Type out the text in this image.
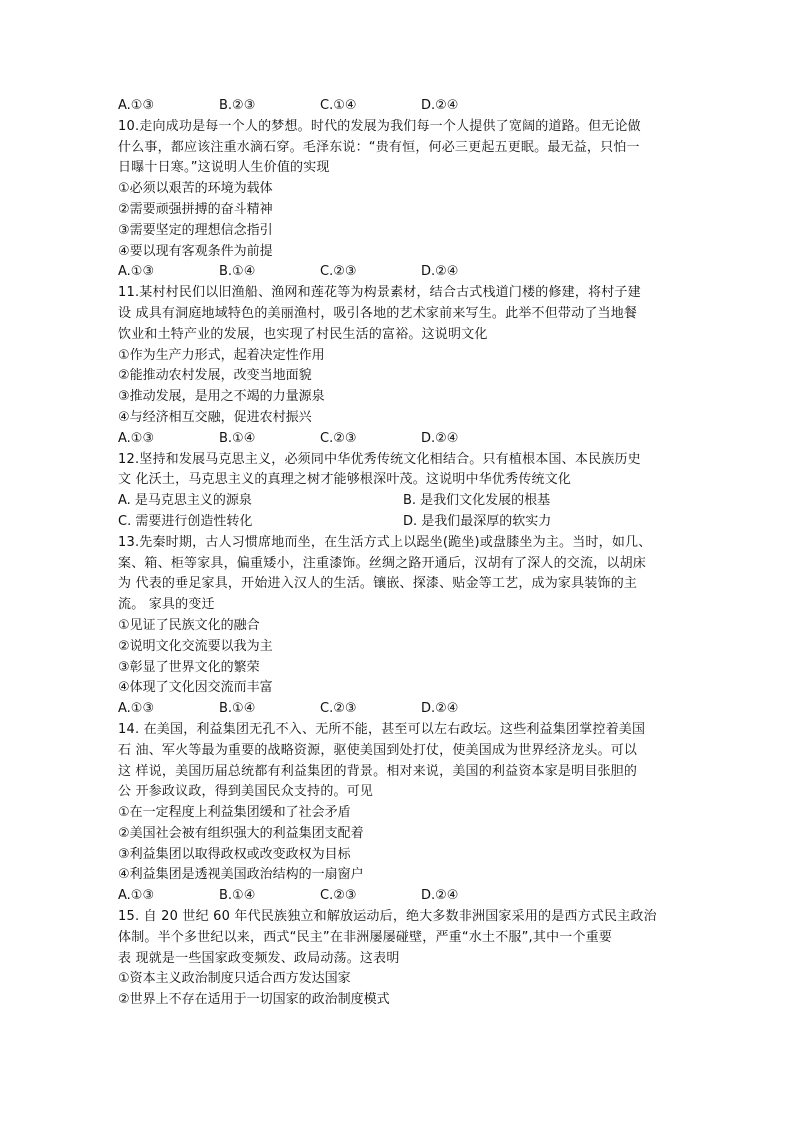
A.①③	B.②③	C.①④	D.②④
10.走向成功是每一个人的梦想。时代的发展为我们每一个人提供了宽阔的道路。但无论做
什么事，都应该注重水滴石穿。毛泽东说：“贵有恒，何必三更起五更眠。最无益，只怕一
日曝十日寒。”这说明人生价值的实现
①必须以艰苦的环境为载体
②需要顽强拼搏的奋斗精神
③需要坚定的理想信念指引
④要以现有客观条件为前提
A.①③	B.①④	C.②③	D.②④
11.某村村民们以旧渔船、渔网和莲花等为构景素材，结合古式栈道门楼的修建，将村子建
设 成具有洞庭地域特色的美丽渔村，吸引各地的艺术家前来写生。此举不但带动了当地餐
饮业和土特产业的发展，也实现了村民生活的富裕。这说明文化
①作为生产力形式，起着决定性作用
②能推动农村发展，改变当地面貌
③推动发展，是用之不竭的力量源泉
④与经济相互交融，促进农村振兴
A.①③	B.①④	C.②③	D.②④
12.坚持和发展马克思主义，必须同中华优秀传统文化相结合。只有植根本国、本民族历史
文 化沃土，马克思主义的真理之树才能够根深叶茂。这说明中华优秀传统文化
A. 是马克思主义的源泉	B. 是我们文化发展的根基
C. 需要进行创造性转化	D. 是我们最深厚的软实力
13.先秦时期，古人习惯席地而坐，在生活方式上以跽坐(跪坐)或盘膝坐为主。当时，如几、
案、箱、柜等家具，偏重矮小，注重漆饰。丝绸之路开通后，汉胡有了深人的交流，以胡床
为 代表的垂足家具，开始进入汉人的生活。镶嵌、探漆、贴金等工艺，成为家具装饰的主
流。 家具的变迁
①见证了民族文化的融合
②说明文化交流要以我为主
③彰显了世界文化的繁荣
④体现了文化因交流而丰富
A.①③	B.①④	C.②③	D.②④
14. 在美国，利益集团无孔不入、无所不能，甚至可以左右政坛。这些利益集团掌控着美国
石 油、军火等最为重要的战略资源，驱使美国到处打仗，使美国成为世界经济龙头。可以
这 样说，美国历届总统都有利益集团的背景。相对来说，美国的利益资本家是明目张胆的
公 开参政议政，得到美国民众支持的。可见
①在一定程度上利益集团缓和了社会矛盾
②美国社会被有组织强大的利益集团支配着
③利益集团以取得政权或改变政权为目标
④利益集团是透视美国政治结构的一扇窗户
A.①③	B.①④	C.②③	D.②④
15. 自 20 世纪 60 年代民族独立和解放运动后，绝大多数非洲国家采用的是西方式民主政治
体制。半个多世纪以来，西式“民主”在非洲屡屡碰壁，严重“水土不服”,其中一个重要
表 现就是一些国家政变频发、政局动荡。这表明
①资本主义政治制度只适合西方发达国家
②世界上不存在适用于一切国家的政治制度模式
